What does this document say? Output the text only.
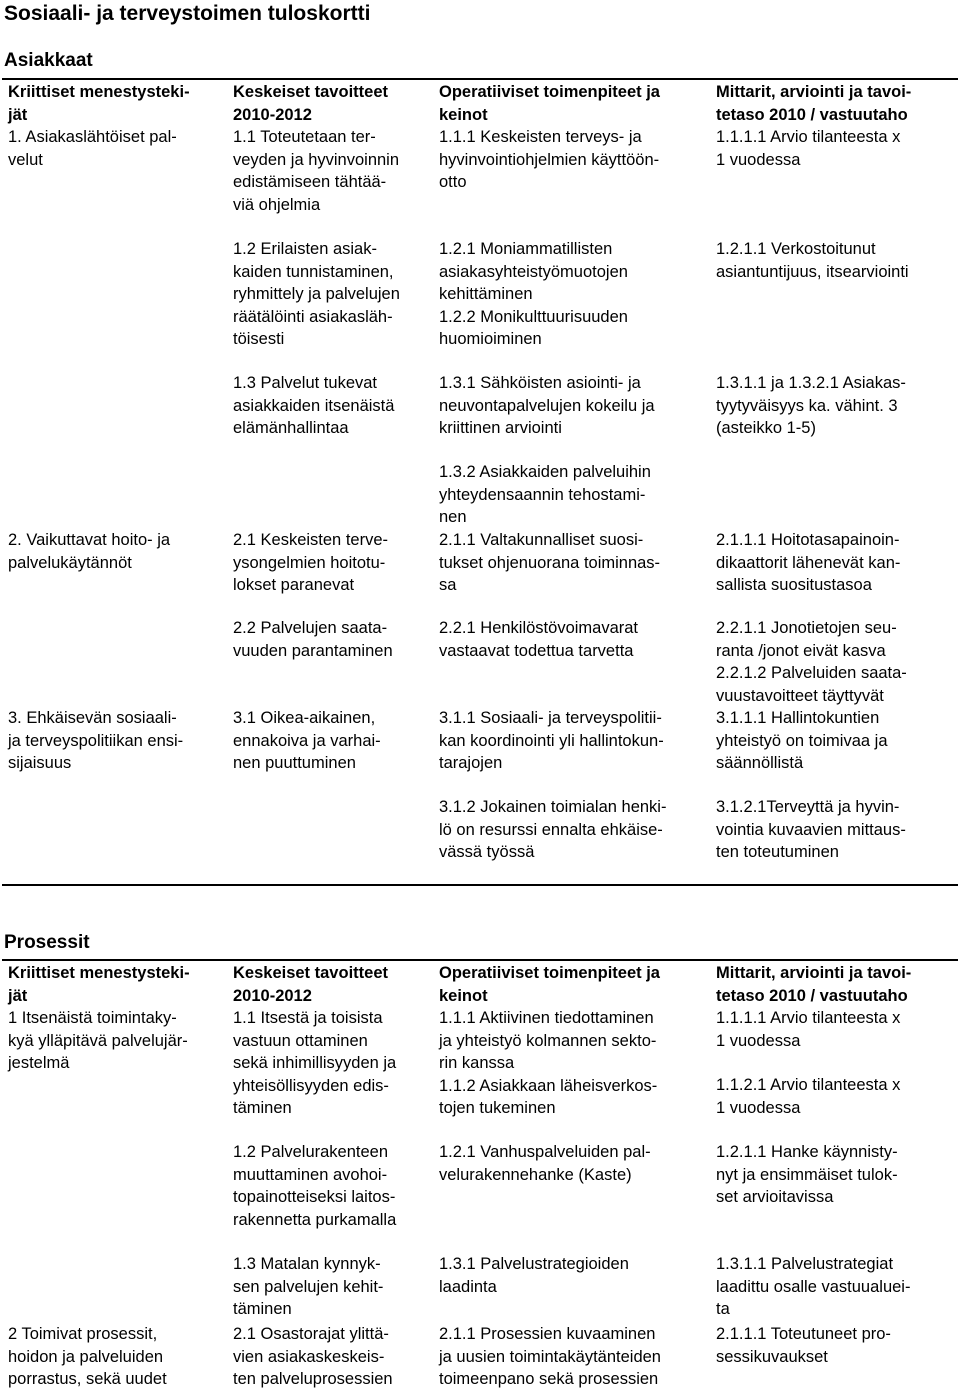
Sosiaali- ja terveystoimen tuloskortti
Asiakkaat
Kriittiset menestysteki-
jät
Keskeiset tavoitteet
2010-2012
Operatiiviset toimenpiteet ja
keinot
Mittarit, arviointi ja tavoi-
tetaso 2010 / vastuutaho
1. Asiakaslähtöiset pal-
velut
1.1 Toteutetaan ter-
veyden ja hyvinvoinnin
edistämiseen tähtää-
viä ohjelmia
1.1.1 Keskeisten terveys- ja
hyvinvointiohjelmien käyttöön-
otto
1.1.1.1 Arvio tilanteesta x
1 vuodessa
1.2 Erilaisten asiak-
kaiden tunnistaminen,
ryhmittely ja palvelujen
räätälöinti asiakasläh-
töisesti
1.2.1 Moniammatillisten
asiakasyhteistyömuotojen
kehittäminen
1.2.2 Monikulttuurisuuden
huomioiminen
1.2.1.1 Verkostoitunut
asiantuntijuus, itsearviointi
1.3 Palvelut tukevat
asiakkaiden itsenäistä
elämänhallintaa
1.3.1 Sähköisten asiointi- ja
neuvontapalvelujen kokeilu ja
kriittinen arviointi
1.3.1.1 ja 1.3.2.1 Asiakas-
tyytyväisyys ka. vähint. 3
(asteikko 1-5)
1.3.2 Asiakkaiden palveluihin
yhteydensaannin tehostami-
nen
2. Vaikuttavat hoito- ja
palvelukäytännöt
2.1 Keskeisten terve-
ysongelmien hoitotu-
lokset paranevat
2.1.1 Valtakunnalliset suosi-
tukset ohjenuorana toiminnas-
sa
2.1.1.1 Hoitotasapainoin-
dikaattorit lähenevät kan-
sallista suositustasoa
2.2 Palvelujen saata-
vuuden parantaminen
2.2.1 Henkilöstövoimavarat
vastaavat todettua tarvetta
2.2.1.1 Jonotietojen seu-
ranta /jonot eivät kasva
2.2.1.2 Palveluiden saata-
vuustavoitteet täyttyvät
3. Ehkäisevän sosiaali-
ja terveyspolitiikan ensi-
sijaisuus
3.1 Oikea-aikainen,
ennakoiva ja varhai-
nen puuttuminen
3.1.1 Sosiaali- ja terveyspolitii-
kan koordinointi yli hallintokun-
tarajojen
3.1.1.1 Hallintokuntien
yhteistyö on toimivaa ja
säännöllistä
3.1.2 Jokainen toimialan henki-
lö on resurssi ennalta ehkäise-
vässä työssä
3.1.2.1Terveyttä ja hyvin-
vointia kuvaavien mittaus-
ten toteutuminen
Prosessit
Kriittiset menestysteki-
jät
Keskeiset tavoitteet
2010-2012
Operatiiviset toimenpiteet ja
keinot
Mittarit, arviointi ja tavoi-
tetaso 2010 / vastuutaho
1 Itsenäistä toimintaky-
kyä ylläpitävä palvelujär-
jestelmä
1.1 Itsestä ja toisista
vastuun ottaminen
sekä inhimillisyyden ja
yhteisöllisyyden edis-
täminen
1.1.1 Aktiivinen tiedottaminen
ja yhteistyö kolmannen sekto-
rin kanssa
1.1.2 Asiakkaan läheisverkos-
tojen tukeminen
1.1.1.1 Arvio tilanteesta x
1 vuodessa
1.1.2.1 Arvio tilanteesta x
1 vuodessa
1.2 Palvelurakenteen
muuttaminen avohoi-
topainotteiseksi laitos-
rakennetta purkamalla
1.2.1 Vanhuspalveluiden pal-
velurakennehanke (Kaste)
1.2.1.1 Hanke käynnisty-
nyt ja ensimmäiset tulok-
set arvioitavissa
1.3 Matalan kynnyk-
sen palvelujen kehit-
täminen
1.3.1 Palvelustrategioiden
laadinta
1.3.1.1 Palvelustrategiat
laadittu osalle vastuualuei-
ta
2 Toimivat prosessit,
hoidon ja palveluiden
porrastus, sekä uudet
2.1 Osastorajat ylittä-
vien asiakaskeskeis-
ten palveluprosessien
2.1.1 Prosessien kuvaaminen
ja uusien toimintakäytänteiden
toimeenpano sekä prosessien
2.1.1.1 Toteutuneet pro-
sessikuvaukset
